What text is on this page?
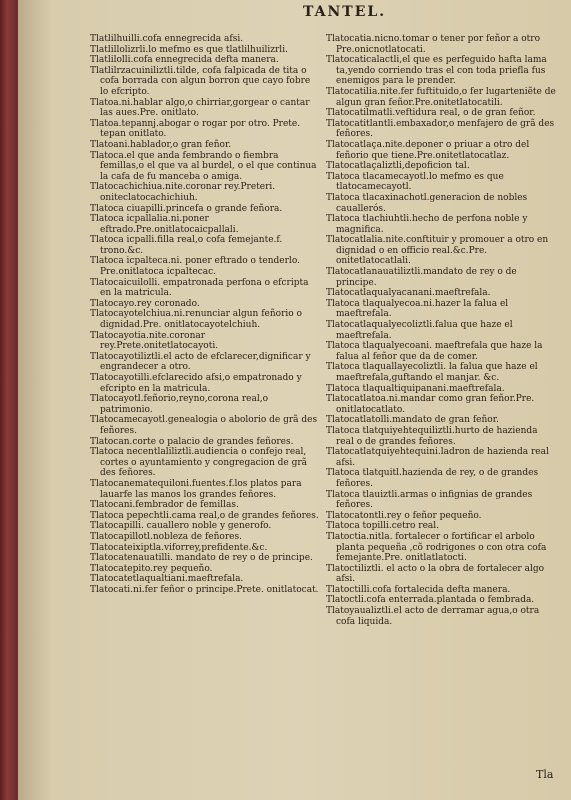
TANTEL.

Tlatlilhuilli.cofa ennegrecida afsi.

Tlatlillolizrli.lo mefmo es que tlatlilhuilizrli.

Tlatlilolli.cofa ennegrecida defta manera.

Tlatlilrzacuiniliztli.tilde, cofa falpicada de tita o cofa borrada con algun borron que cayo fobre lo efcripto.

Tlatoa.ni.hablar algo,o chirriar,gorgear o cantar las aues.Pre. onitlato.

Tlatoa.tepannj.abogar o rogar por otro. Prete. tepan onitlato.

Tlatoani.hablador,o gran feñor.

Tlatoca.el que anda fembrando o fiembra femillas,o el que va al burdel, o el que continua la cafa de fu manceba o amiga.

Tlatocachichiua.nite.coronar rey.Preteri. oniteclatocachichiuh.

Tlatoca ciuapilli.princefa o grande feñora.

Tlatoca icpallalia.ni.poner eftrado.Pre.onitlatocaicpallali.

Tlatoca icpalli.filla real,o cofa femejante.f. trono.&c.

Tlatoca icpalteca.ni. poner eftrado o tenderlo. Pre.onitlatoca icpaltecac.

Tlatocaicuilolli. empatronada perfona o efcripta en la matricula.

Tlatocayo.rey coronado.

Tlatocayotelchiua.ni.renunciar algun feñorio o dignidad.Pre. onitlatocayotelchiuh.

Tlatocayotia.nite.coronar rey.Prete.onitetlatocayoti.

Tlatocayotiliztli.el acto de efclarecer,dignificar y engrandecer a otro.

Tlatocayotilli.efclarecido afsi,o empatronado y efcripto en la matricula.

Tlatocayotl.feñorio,reyno,corona real,o patrimonio.

Tlatocamecayotl.genealogia o abolorio de grã des feñores.

Tlatocan.corte o palacio de grandes feñores.

Tlatoca necentlaliliztli.audiencia o confejo real, cortes o ayuntamiento y congregacion de grã des feñores.

Tlatocanematequiloni.fuentes.f.los platos para lauarfe las manos los grandes feñores.

Tlatocani.fembrador de femillas.

Tlatoca pepechtli.cama real,o de grandes feñores.

Tlatocapilli. cauallero noble y generofo.

Tlatocapillotl.nobleza de feñores.

Tlatocateixiptla.viforrey,prefidente.&c.

Tlatocatenauatilli. mandato de rey o de principe.

Tlatocatepito.rey pequeño.

Tlatocatetlaqualtiani.maeftrefala.

Tlatocati.ni.fer feñor o principe.Prete. onitlatocat.

Tlatocatia.nicno.tomar o tener por feñor a otro Pre.onicnotlatocati.

Tlatocaticalactli,el que es perfeguido hafta lama ta,yendo corriendo tras el con toda priefla fus enemigos para le prender.

Tlatocatilia.nite.fer fuftituido,o fer lugarteniẽte de algun gran feñor.Pre.onitetlatocatili.

Tlatocatilmatli.veftidura real, o de gran feñor.

Tlatocatitlantli.embaxador,o menfajero de grã des feñores.

Tlatocatlaça.nite.deponer o priuar a otro del feñorio que tiene.Pre.onitetlatocatlaz.

Tlatocatlaçaliztli,depoficion tal.

Tlatoca tlacamecayotl.lo mefmo es que tlatocamecayotl.

Tlatoca tlacaxinachotl.generacion de nobles cauallerós.

Tlatoca tlachiuhtli.hecho de perfona noble y magnifica.

Tlatocatlalia.nite.conftituir y promouer a otro en dignidad o en officio real.&c.Pre. onitetlatocatlali.

Tlatocatlanauatiliztli.mandato de rey o de principe.

Tlatocatlaqualyacanani.maeftrefala.

Tlatoca tlaqualyecoa.ni.hazer la falua el maeftrefala.

Tlatocatlaqualyecoliztli.falua que haze el maeftrefala.

Tlatoca tlaqualyecoani. maeftrefala que haze la falua al feñor que da de comer.

Tlatoca tlaquallayecoliztli. la falua que haze el maeftrefala,guftando el manjar. &c.

Tlatoca tlaqualtiquipanani.maeftrefala.

Tlatocatlatoa.ni.mandar como gran feñor.Pre. onitlatocatlato.

Tlatocatlatolli.mandato de gran feñor.

Tlatoca tlatquiyehtequiliztli.hurto de hazienda real o de grandes feñores.

Tlatocatlatquiyehtequini.ladron de hazienda real afsi.

Tlatoca tlatquitl.hazienda de rey, o de grandes feñores.

Tlatoca tlauiztli.armas o infignias de grandes feñores.

Tlatocatontli.rey o feñor pequeño.

Tlatoca topilli.cetro real.

Tlatoctia.nitla. fortalecer o fortificar el arbolo planta pequeña ,cõ rodrigones o con otra cofa femejante.Pre. onitlatlatocti.

Tlatoctiliztli. el acto o la obra de fortalecer algo afsi.

Tlatoctilli.cofa fortalecida defta manera.

Tlatoctli.cofa enterrada.plantada o fembrada.

Tlatoyaualiztli.el acto de derramar agua,o otra cofa liquida.

Tla
